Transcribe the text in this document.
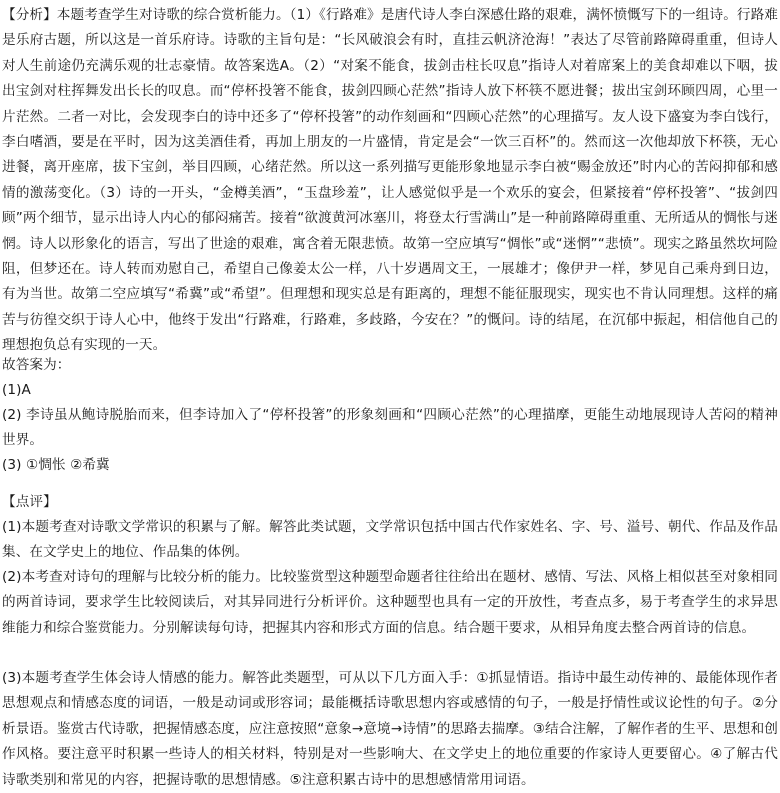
【分析】本题考查学生对诗歌的综合赏析能力。（1）《行路难》是唐代诗人李白深感仕路的艰难，满怀愤慨写下的一组诗。行路难是乐府古题，所以这是一首乐府诗。诗歌的主旨句是：“长风破浪会有时，直挂云帆济沧海！”表达了尽管前路障碍重重，但诗人对人生前途仍充满乐观的壮志豪情。故答案选A。（2）“对案不能食，拔剑击柱长叹息”指诗人对着席案上的美食却难以下咽，拔出宝剑对柱挥舞发出长长的叹息。而“停杯投箸不能食，拔剑四顾心茫然”指诗人放下杯筷不愿进餐；拔出宝剑环顾四周，心里一片茫然。二者一对比，会发现李白的诗中还多了“停杯投箸”的动作刻画和“四顾心茫然”的心理描写。友人设下盛宴为李白饯行，李白嗜酒，要是在平时，因为这美酒佳肴，再加上朋友的一片盛情，肯定是会“一饮三百杯”的。然而这一次他却放下杯筷，无心进餐，离开座席，拔下宝剑，举目四顾，心绪茫然。所以这一系列描写更能形象地显示李白被“赐金放还”时内心的苦闷抑郁和感情的激荡变化。（3）诗的一开头，“金樽美酒”，“玉盘珍羞”，让人感觉似乎是一个欢乐的宴会，但紧接着“停杯投箸”、“拔剑四顾”两个细节，显示出诗人内心的郁闷痛苦。接着“欲渡黄河冰塞川，将登太行雪满山”是一种前路障碍重重、无所适从的惆怅与迷惘。诗人以形象化的语言，写出了世途的艰难，寓含着无限悲愤。故第一空应填写“惆怅”或“迷惘”“悲愤”。现实之路虽然坎坷险阻，但梦还在。诗人转而劝慰自己，希望自己像姜太公一样，八十岁遇周文王，一展雄才；像伊尹一样，梦见自己乘舟到日边，有为当世。故第二空应填写“希冀”或“希望”。但理想和现实总是有距离的，理想不能征服现实，现实也不肯认同理想。这样的痛苦与彷徨交织于诗人心中，他终于发出“行路难，行路难，多歧路，今安在？”的慨问。诗的结尾，在沉郁中振起，相信他自己的理想抱负总有实现的一天。

故答案为：

(1)A

(2) 李诗虽从鲍诗脱胎而来，但李诗加入了“停杯投箸”的形象刻画和“四顾心茫然”的心理描摩，更能生动地展现诗人苦闷的精神世界。

(3) ①惆怅 ②希冀

【点评】

(1)本题考查对诗歌文学常识的积累与了解。解答此类试题，文学常识包括中国古代作家姓名、字、号、溢号、朝代、作品及作品集、在文学史上的地位、作品集的体例。

(2)本考查对诗句的理解与比较分析的能力。比较鉴赏型这种题型命题者往往给出在题材、感情、写法、风格上相似甚至对象相同的两首诗词，要求学生比较阅读后，对其异同进行分析评价。这种题型也具有一定的开放性，考查点多，易于考查学生的求异思维能力和综合鉴赏能力。分别解读每句诗，把握其内容和形式方面的信息。结合题干要求，从相异角度去整合两首诗的信息。

(3)本题考查学生体会诗人情感的能力。解答此类题型，可从以下几方面入手：①抓显情语。指诗中最生动传神的、最能体现作者思想观点和情感态度的词语，一般是动词或形容词；最能概括诗歌思想内容或感情的句子，一般是抒情性或议论性的句子。②分析景语。鉴赏古代诗歌，把握情感态度，应注意按照“意象→意境→诗情”的思路去揣摩。③结合注解，了解作者的生平、思想和创作风格。要注意平时积累一些诗人的相关材料，特别是对一些影响大、在文学史上的地位重要的作家诗人更要留心。④了解古代诗歌类别和常见的内容，把握诗歌的思想情感。⑤注意积累古诗中的思想感情常用词语。
